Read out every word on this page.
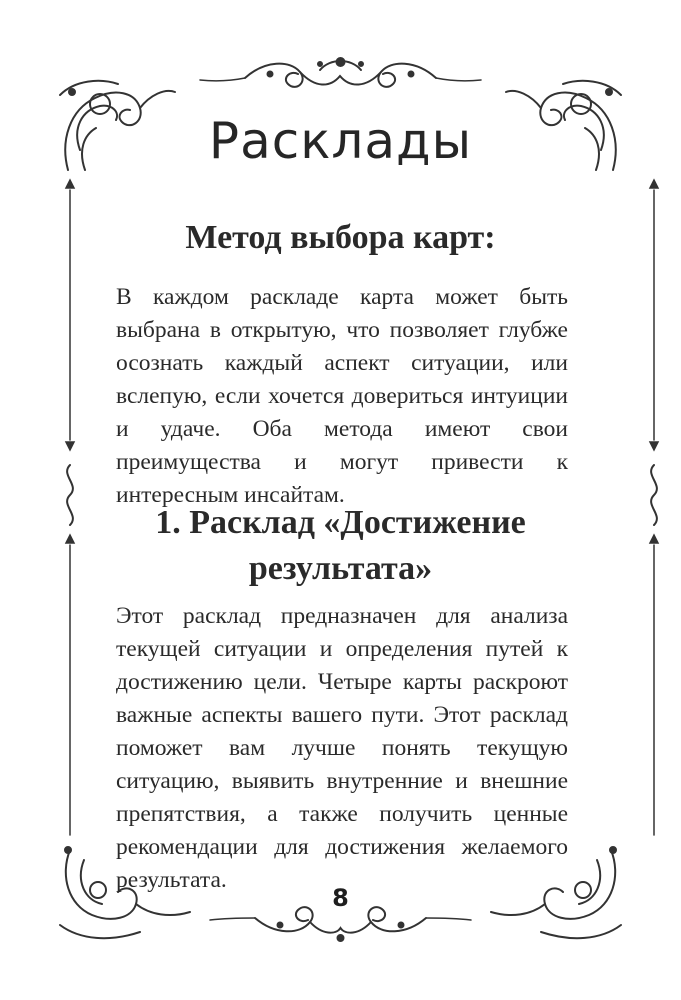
Расклады
Метод выбора карт:

В каждом раскладе карта может быть выбрана в открытую, что позволяет глубже осознать каждый аспект ситуации, или вслепую, если хочется довериться интуиции и удаче. Оба метода имеют свои преимущества и могут привести к интересным инсайтам.

1. Расклад «Достижение результата»

Этот расклад предназначен для анализа текущей ситуации и определения путей к достижению цели. Четыре карты раскроют важные аспекты вашего пути. Этот расклад поможет вам лучше понять текущую ситуацию, выявить внутренние и внешние препятствия, а также получить ценные рекомендации для достижения желаемого результата.

8
